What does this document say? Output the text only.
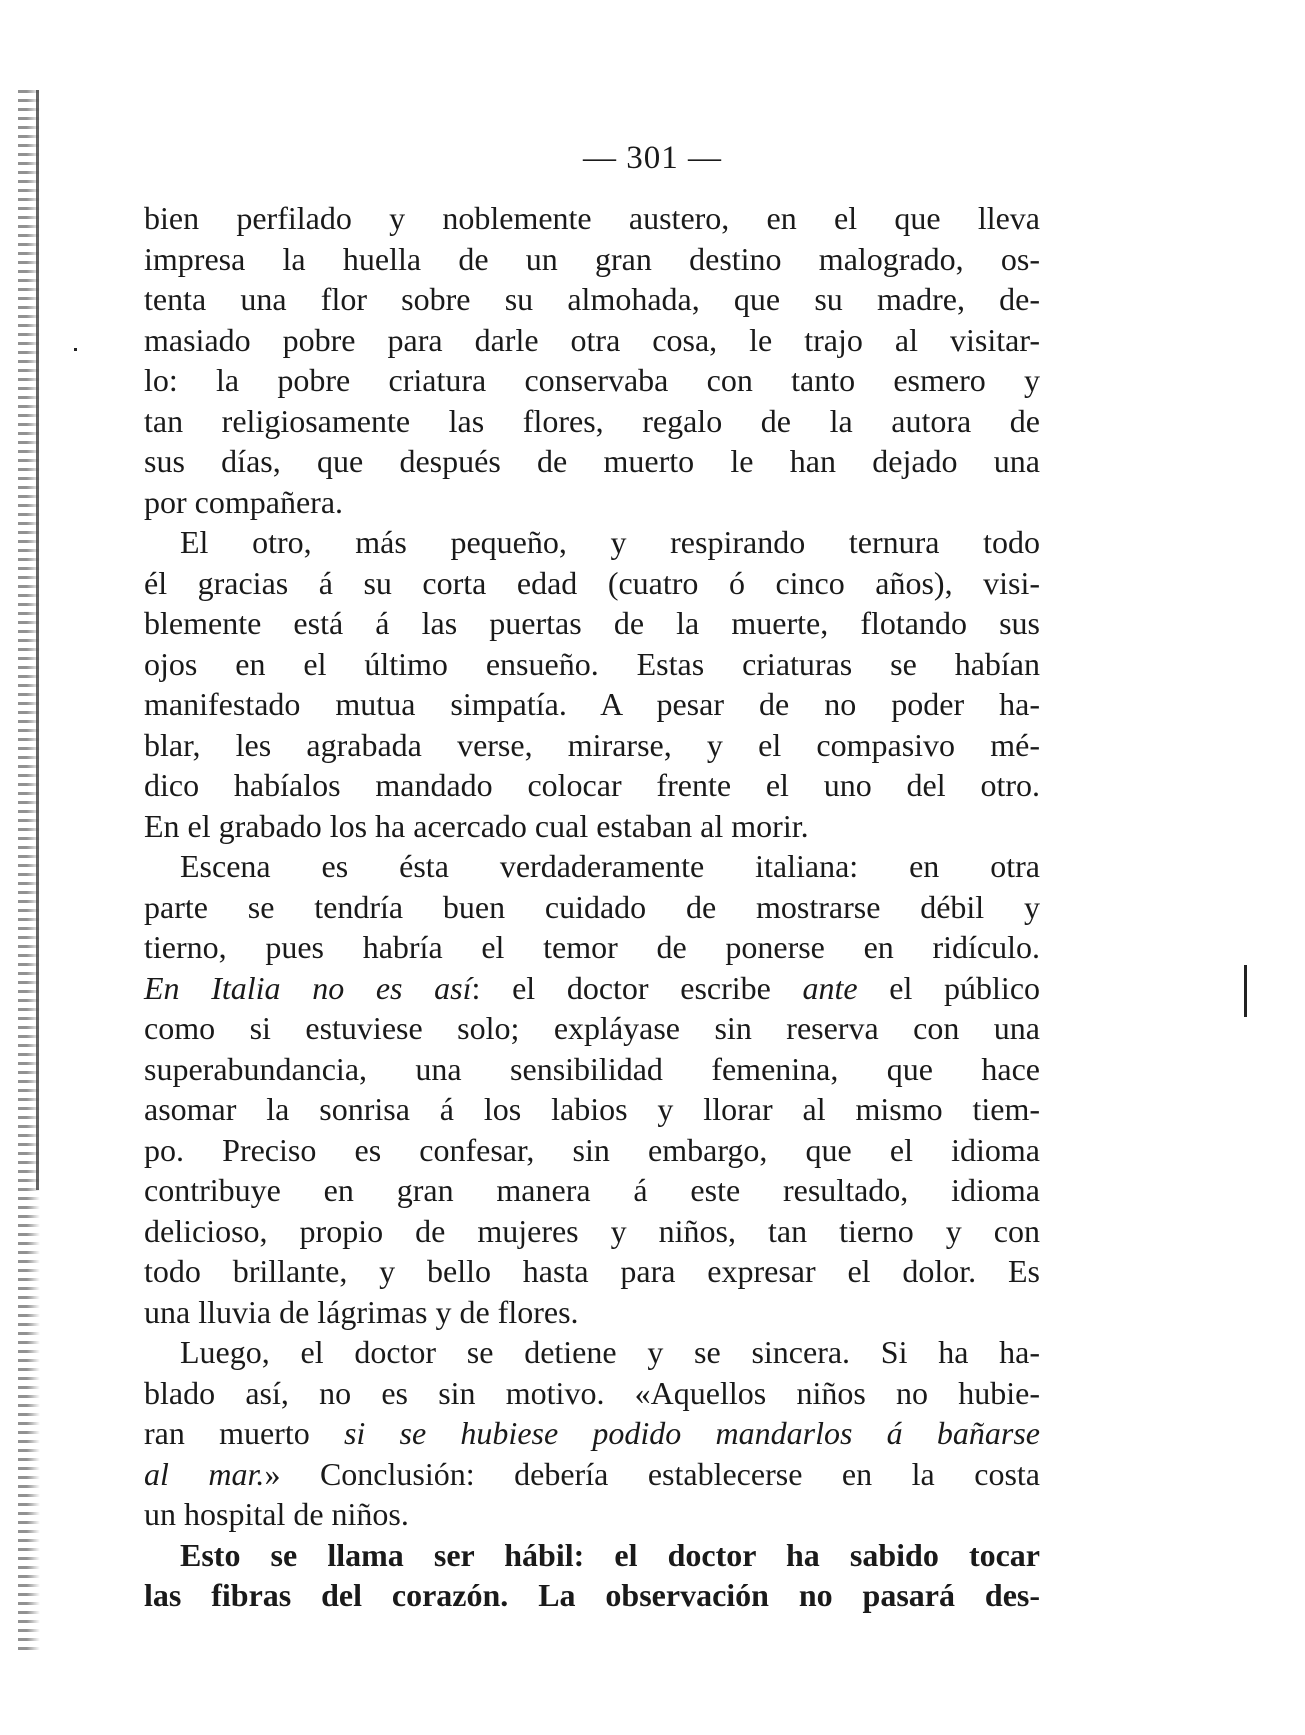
— 301 —
bien perfilado y noblemente austero, en el que lleva
impresa la huella de un gran destino malogrado, os-
tenta una flor sobre su almohada, que su madre, de-
masiado pobre para darle otra cosa, le trajo al visitar-
lo: la pobre criatura conservaba con tanto esmero y
tan religiosamente las flores, regalo de la autora de
sus días, que después de muerto le han dejado una
por compañera.
El otro, más pequeño, y respirando ternura todo
él gracias á su corta edad (cuatro ó cinco años), visi-
blemente está á las puertas de la muerte, flotando sus
ojos en el último ensueño. Estas criaturas se habían
manifestado mutua simpatía. A pesar de no poder ha-
blar, les agrabada verse, mirarse, y el compasivo mé-
dico habíalos mandado colocar frente el uno del otro.
En el grabado los ha acercado cual estaban al morir.
Escena es ésta verdaderamente italiana: en otra
parte se tendría buen cuidado de mostrarse débil y
tierno, pues habría el temor de ponerse en ridículo.
En Italia no es así: el doctor escribe ante el público
como si estuviese solo; expláyase sin reserva con una
superabundancia, una sensibilidad femenina, que hace
asomar la sonrisa á los labios y llorar al mismo tiem-
po. Preciso es confesar, sin embargo, que el idioma
contribuye en gran manera á este resultado, idioma
delicioso, propio de mujeres y niños, tan tierno y con
todo brillante, y bello hasta para expresar el dolor. Es
una lluvia de lágrimas y de flores.
Luego, el doctor se detiene y se sincera. Si ha ha-
blado así, no es sin motivo. «Aquellos niños no hubie-
ran muerto si se hubiese podido mandarlos á bañarse
al mar.» Conclusión: debería establecerse en la costa
un hospital de niños.
Esto se llama ser hábil: el doctor ha sabido tocar
las fibras del corazón. La observación no pasará des-
